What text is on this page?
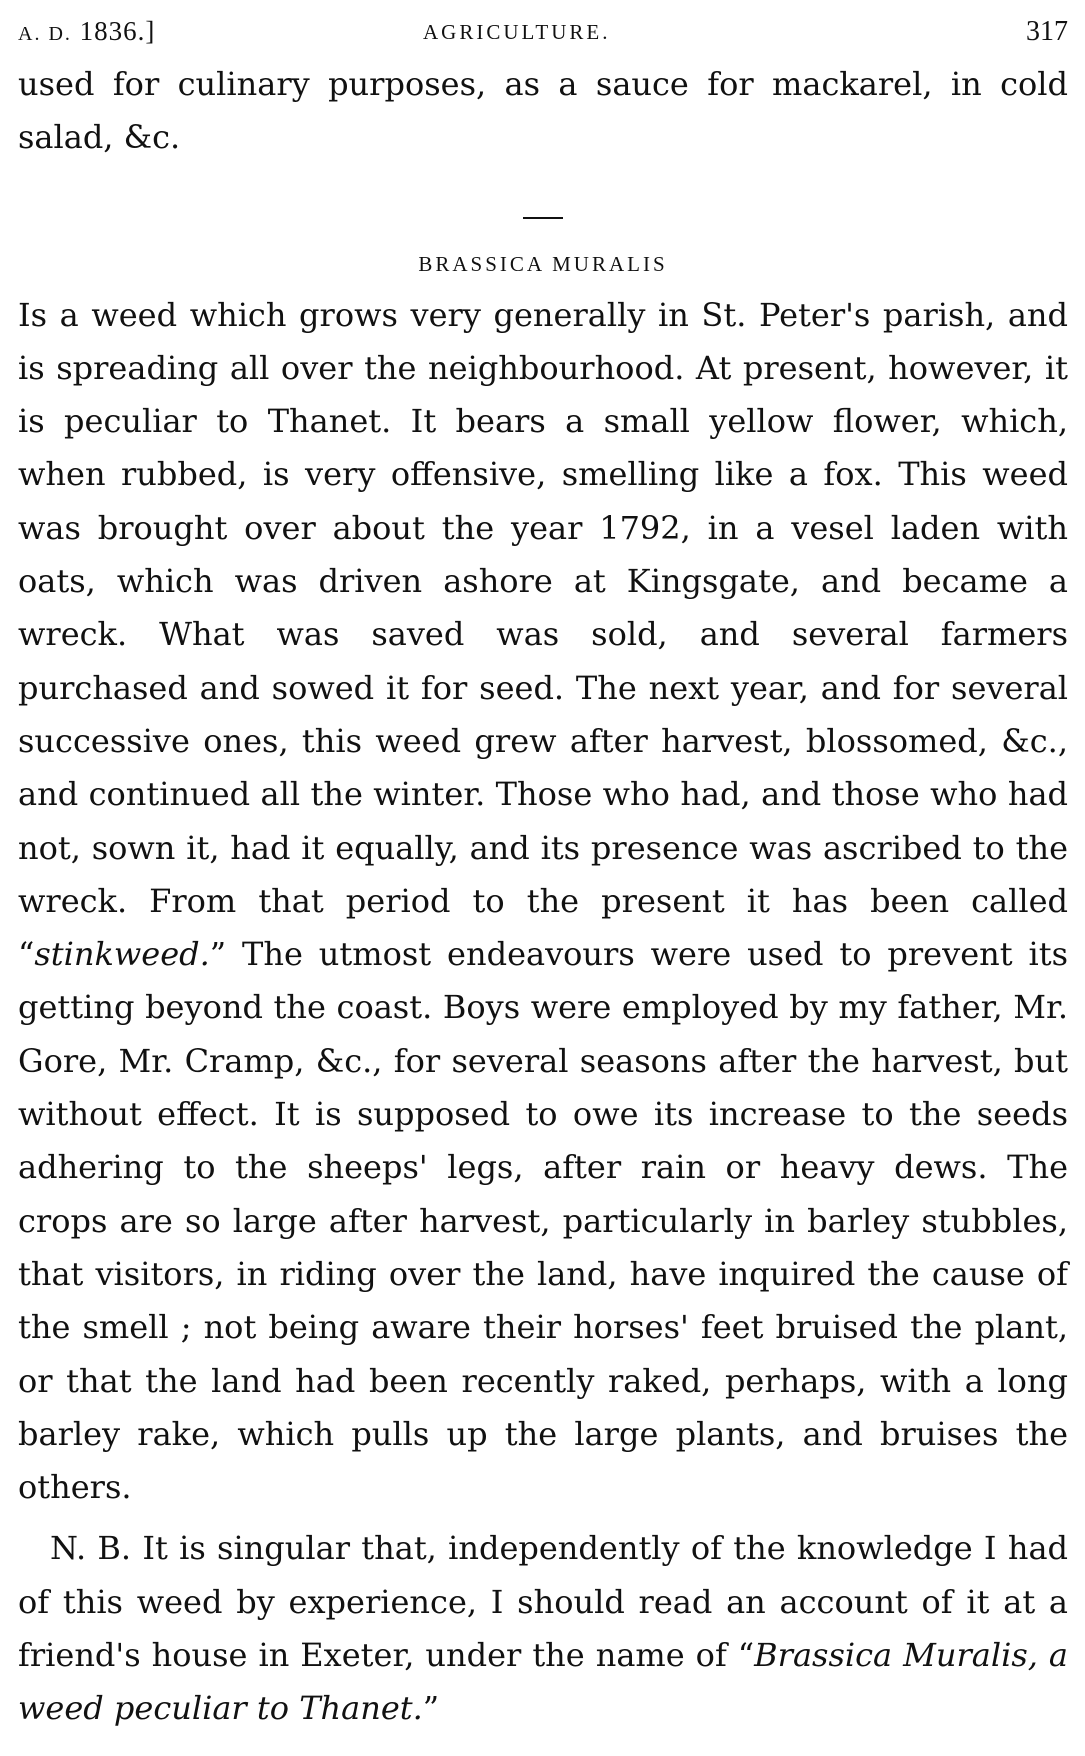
A. D. 1836.]	AGRICULTURE.	317

used for culinary purposes, as a sauce for mackarel, in cold salad, &c.

BRASSICA MURALIS

Is a weed which grows very generally in St. Peter's parish, and is spreading all over the neighbourhood. At present, however, it is peculiar to Thanet. It bears a small yellow flower, which, when rubbed, is very offensive, smelling like a fox. This weed was brought over about the year 1792, in a vesel laden with oats, which was driven ashore at Kingsgate, and became a wreck. What was saved was sold, and several farmers purchased and sowed it for seed. The next year, and for several successive ones, this weed grew after harvest, blossomed, &c., and continued all the winter. Those who had, and those who had not, sown it, had it equally, and its presence was ascribed to the wreck. From that period to the present it has been called “stinkweed.” The utmost endeavours were used to prevent its getting beyond the coast. Boys were employed by my father, Mr. Gore, Mr. Cramp, &c., for several seasons after the harvest, but without effect. It is supposed to owe its increase to the seeds adhering to the sheeps' legs, after rain or heavy dews. The crops are so large after harvest, particularly in barley stubbles, that visitors, in riding over the land, have inquired the cause of the smell ; not being aware their horses' feet bruised the plant, or that the land had been recently raked, perhaps, with a long barley rake, which pulls up the large plants, and bruises the others.

N. B. It is singular that, independently of the knowledge I had of this weed by experience, I should read an account of it at a friend's house in Exeter, under the name of “Brassica Muralis, a weed peculiar to Thanet.”
